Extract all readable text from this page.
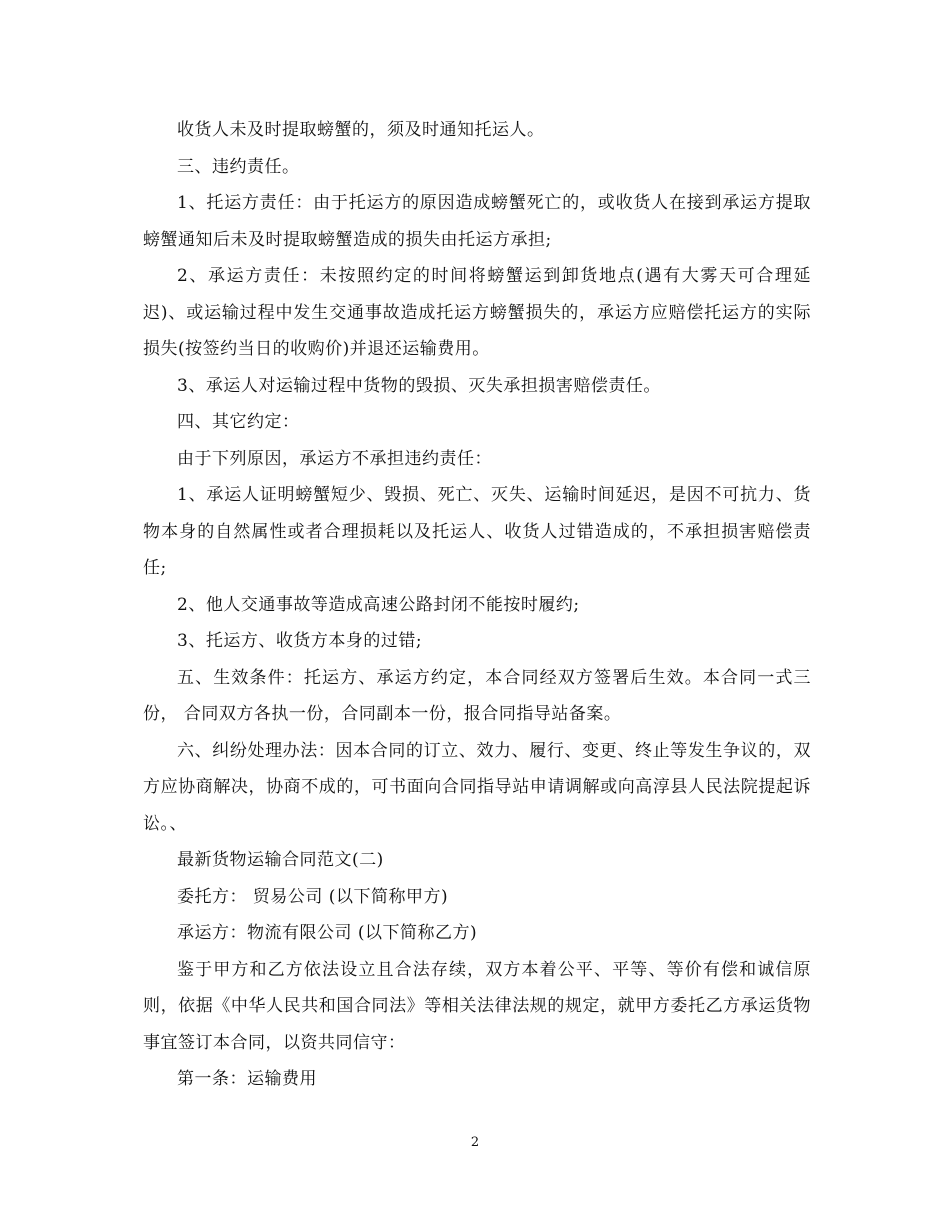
收货人未及时提取螃蟹的，须及时通知托运人。

三、违约责任。

1、托运方责任：由于托运方的原因造成螃蟹死亡的，或收货人在接到承运方提取螃蟹通知后未及时提取螃蟹造成的损失由托运方承担;

2、承运方责任：未按照约定的时间将螃蟹运到卸货地点(遇有大雾天可合理延迟)、或运输过程中发生交通事故造成托运方螃蟹损失的，承运方应赔偿托运方的实际损失(按签约当日的收购价)并退还运输费用。

3、承运人对运输过程中货物的毁损、灭失承担损害赔偿责任。

四、其它约定：

由于下列原因，承运方不承担违约责任：

1、承运人证明螃蟹短少、毁损、死亡、灭失、运输时间延迟，是因不可抗力、货物本身的自然属性或者合理损耗以及托运人、收货人过错造成的，不承担损害赔偿责任;

2、他人交通事故等造成高速公路封闭不能按时履约;

3、托运方、收货方本身的过错;

五、生效条件：托运方、承运方约定，本合同经双方签署后生效。本合同一式三份， 合同双方各执一份，合同副本一份，报合同指导站备案。

六、纠纷处理办法：因本合同的订立、效力、履行、变更、终止等发生争议的，双方应协商解决，协商不成的，可书面向合同指导站申请调解或向高淳县人民法院提起诉讼。、

最新货物运输合同范文(二)

委托方： 贸易公司 (以下简称甲方)

承运方：物流有限公司 (以下简称乙方)

鉴于甲方和乙方依法设立且合法存续，双方本着公平、平等、等价有偿和诚信原则，依据《中华人民共和国合同法》等相关法律法规的规定，就甲方委托乙方承运货物事宜签订本合同，以资共同信守：

第一条：运输费用

2
